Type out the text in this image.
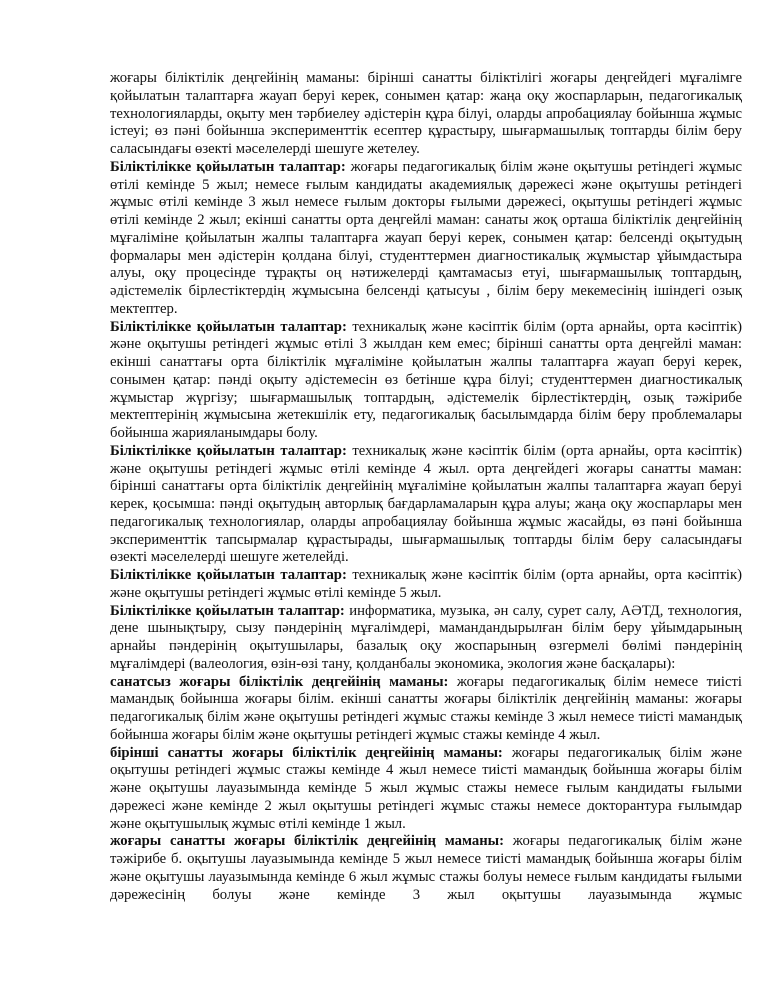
жоғары біліктілік деңгейінің маманы: бірінші санатты біліктілігі жоғары деңгейдегі мұғалімге қойылатын талаптарға жауап беруі керек, сонымен қатар: жаңа оқу жоспарларын, педагогикалық технологияларды, оқыту мен тәрбиелеу әдістерін құра білуі, оларды апробациялау бойынша жұмыс істеуі; өз пәні бойынша эксперименттік есептер құрастыру, шығармашылық топтарды білім беру саласындағы өзекті мәселелерді шешуге жетелеу.

Біліктілікке қойылатын талаптар: жоғары педагогикалық білім және оқытушы ретіндегі жұмыс өтілі кемінде 5 жыл; немесе ғылым кандидаты академиялық дәрежесі және оқытушы ретіндегі жұмыс өтілі кемінде 3 жыл немесе ғылым докторы ғылыми дәрежесі, оқытушы ретіндегі жұмыс өтілі кемінде 2 жыл; екінші санатты орта деңгейлі маман: санаты жоқ орташа біліктілік деңгейінің мұғаліміне қойылатын жалпы талаптарға жауап беруі керек, сонымен қатар: белсенді оқытудың формалары мен әдістерін қолдана білуі, студенттермен диагностикалық жұмыстар ұйымдастыра алуы, оқу процесінде тұрақты оң нәтижелерді қамтамасыз етуі, шығармашылық топтардың, әдістемелік бірлестіктердің жұмысына белсенді қатысуы , білім беру мекемесінің ішіндегі озық мектептер.

Біліктілікке қойылатын талаптар: техникалық және кәсіптік білім (орта арнайы, орта кәсіптік) және оқытушы ретіндегі жұмыс өтілі 3 жылдан кем емес; бірінші санатты орта деңгейлі маман: екінші санаттағы орта біліктілік мұғаліміне қойылатын жалпы талаптарға жауап беруі керек, сонымен қатар: пәнді оқыту әдістемесін өз бетінше құра білуі; студенттермен диагностикалық жұмыстар жүргізу; шығармашылық топтардың, әдістемелік бірлестіктердің, озық тәжірибе мектептерінің жұмысына жетекшілік ету, педагогикалық басылымдарда білім беру проблемалары бойынша жарияланымдары болу.

Біліктілікке қойылатын талаптар: техникалық және кәсіптік білім (орта арнайы, орта кәсіптік) және оқытушы ретіндегі жұмыс өтілі кемінде 4 жыл. орта деңгейдегі жоғары санатты маман: бірінші санаттағы орта біліктілік деңгейінің мұғаліміне қойылатын жалпы талаптарға жауап беруі керек, қосымша: пәнді оқытудың авторлық бағдарламаларын құра алуы; жаңа оқу жоспарлары мен педагогикалық технологиялар, оларды апробациялау бойынша жұмыс жасайды, өз пәні бойынша эксперименттік тапсырмалар құрастырады, шығармашылық топтарды білім беру саласындағы өзекті мәселелерді шешуге жетелейді.

Біліктілікке қойылатын талаптар: техникалық және кәсіптік білім (орта арнайы, орта кәсіптік) және оқытушы ретіндегі жұмыс өтілі кемінде 5 жыл.

Біліктілікке қойылатын талаптар: информатика, музыка, ән салу, сурет салу, АӘТД, технология, дене шынықтыру, сызу пәндерінің мұғалімдері, мамандандырылған білім беру ұйымдарының арнайы пәндерінің оқытушылары, базалық оқу жоспарының өзгермелі бөлімі пәндерінің мұғалімдері (валеология, өзін-өзі тану, қолданбалы экономика, экология және басқалары):

санатсыз жоғары біліктілік деңгейінің маманы: жоғары педагогикалық білім немесе тиісті мамандық бойынша жоғары білім. екінші санатты жоғары біліктілік деңгейінің маманы: жоғары педагогикалық білім және оқытушы ретіндегі жұмыс стажы кемінде 3 жыл немесе тиісті мамандық бойынша жоғары білім және оқытушы ретіндегі жұмыс стажы кемінде 4 жыл.

бірінші санатты жоғары біліктілік деңгейінің маманы: жоғары педагогикалық білім және оқытушы ретіндегі жұмыс стажы кемінде 4 жыл немесе тиісті мамандық бойынша жоғары білім және оқытушы лауазымында кемінде 5 жыл жұмыс стажы немесе ғылым кандидаты ғылыми дәрежесі және кемінде 2 жыл оқытушы ретіндегі жұмыс стажы немесе докторантура ғылымдар және оқытушылық жұмыс өтілі кемінде 1 жыл.

жоғары санатты жоғары біліктілік деңгейінің маманы: жоғары педагогикалық білім және тәжірибе б. оқытушы лауазымында кемінде 5 жыл немесе тиісті мамандық бойынша жоғары білім және оқытушы лауазымында кемінде 6 жыл жұмыс стажы болуы немесе ғылым кандидаты ғылыми дәрежесінің болуы және кемінде 3 жыл оқытушы лауазымында жұмыс
